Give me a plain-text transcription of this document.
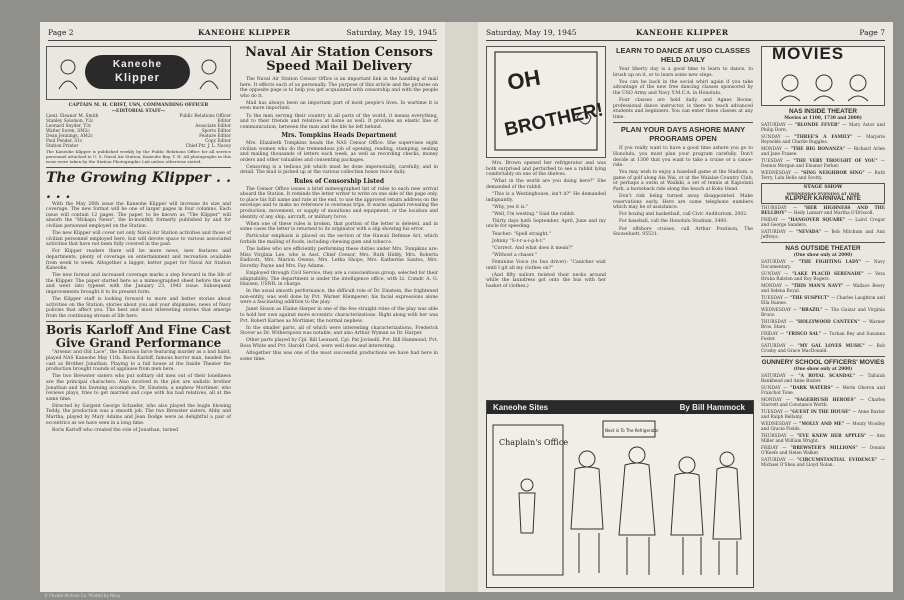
Page 2	KANEOHE KLIPPER	Saturday, May 19, 1945
Kaneohe
Klipper
CAPTAIN M. H. CRIST, USN, COMMANDING OFFICER
—EDITORIAL STAFF—
Lieut. Eleanor M. Smith	Public Relations Officer
Stanley Solomon, Y2c	Editor
Leonard Snyder, Y3c	Associate Editor
Walter Soren, SM2c	Sports Editor
Dean Jennings, AM2c	Feature Editor
Paul Pender, S1c	Copy Editor
Station Printer	Chief Ptr. J. L. Nacey
The Kaneohe Klipper is published weekly by the Public Relations Office for all service personnel attached to U. S. Naval Air Station, Kaneohe Bay, T. H. All photographs in this issue were taken by the Station Photographic Lab unless otherwise stated.
The Growing Klipper . . . . .

With the May 26th issue the Kaneohe Klipper will increase its size and coverage. The new format will be one of larger pages in four columns. Each issue will contain 12 pages. The paper, to be known as "The Klipper" will absorb the "Mokapu News", the bi-monthly formerly published by and for civilian personnel employed on the Station.

The new Klipper will cover not only Naval Air Station activities and those of civilian personnel employed here, but will devote space to various associated activities that have not been fully covered in the past.

For Klipper readers there will be more news, new features and departments, plenty of coverage on entertainment and recreation available from week to week. Altogether a bigger, better paper for Naval Air Station Kaneohe.

The new format and increased coverage marks a step forward in the life of the Klipper. The paper started here as a mimeographed sheet before the war and went into typeset with the January 23, 1943 issue. Subsequent improvements brought it to its present form.

The Klipper staff is looking forward to more and better stories about activities on the Station; stories about you and your shipmates, news of Navy policies that affect you. The best and most interesting stories that emerge from the continuing stream of life here.

Boris Karloff And Fine Cast Give Grand Performance

"Arsenic and Old Lace", the hilarious farce featuring murder as a bad habit, played NAS Kaneohe May 11th. Boris Karloff, famous horror man, headed the cast as Brother Jonathan. Playing to a full house at the Inside Theater the production brought rounds of applause from men here.

The two Brewster sisters who put solitary old men out of their loneliness are the principal characters. Also involved in the plot are sadistic brother Jonathan and his fawning accomplice, Dr. Einstein; a nephew Mortimer, who reviews plays, tries to get married and cope with his bad relatives, all at the same time.

Directed by Sargent George Schaefer, who also played the bugle blowing Teddy, the production was a smooth job. The two Brewster sisters, Abby and Martha, played by Mary Adams and Jean Dodge were as delightful a pair of eccentrics as we have seen in a long time.

Boris Karloff who created the role of Jonathan, turned

Naval Air Station Censors Speed Mail Delivery

The Naval Air Station Censor Office is an important link in the handling of mail here. It effects each of us personally. The purpose of this article and the pictures on the opposite page is to help you get acquainted with censorship and with the people who do it.

Mail has always been an important part of most people's lives. In wartime it is even more important.

To the men serving their country in all parts of the world, it means everything, and to their friends and relatives at home as well. It provides an elastic line of communication, between the man and the life he left behind.

Mrs. Tompkins Heads Department

Mrs. Elizabeth Tompkins heads the NAS Censor Office. She supervises eight civilian women who do the tremendous job of opening, reading, stamping, sealing and mailing thousands of letters each week, as well as recording checks, money orders and other valuables and consenting packages.

Censoring is a tedious job which must be done impersonally, carefully, and in detail. The mail is picked up at the various collection boxes twice daily.

Rules of Censorship Listed

The Censor Office issues a brief mimeographed list of rules to each new arrival aboard the Station. It reminds the letter writer to write on one side of the page only, to place his full name and rate at the end, to use the approved return address on the envelope and to make no reference to overseas trips. It warns against revealing the production, movement, or supply of munitions and equipment, or the location and identity of any ship, aircraft, or military force.

When one of these rules is broken, that portion of the letter is deleted, and in some cases the letter is returned to its originator with a slip showing his error.

Particular emphasis is placed on the section of the Hawaii Defense Act, which forbids the mailing of foods, including chewing gum and tobacco.

The ladies who are efficiently performing these duties under Mrs. Tompkins are: Miss Virginia Lee, who is Asst. Chief Censor, Mrs. Ruth Hiddy, Mrs. Roberta Endicott, Mrs. Marion Owens, Mrs. Letha Shope, Mrs. Katherine Santos, Mrs. Dorothy Payne and Mrs. Fay Adams.

Employed through Civil Service, they are a conscientious group, selected for their adaptability. The department is under the intelligence office, with Lt. Comdr. A. G. Hansen, USNR, in charge.

In the usual smooth performance, the difficult role of Dr. Einstein, the frightened non-entity, was well done by Pvt. Warner Klemperer; his facial expressions alone were a fascinating addition to the play.

Janet Sisson as Elaine Harper in one of the few straight roles of the play was able to hold her own against more eccentric characterizations. Right along with her was Pvt. Robert Karnes as Mortimer, the normal nephew.

In the smaller parts, all of which were interesting characterizations, Frederick Stover as Dr. Witherspoon was notable, and also Arthur Wyman as Dr. Harper.

Other parts played by Cpl. Bill Leonard, Cpl. Pat Jovinelli, Pvt. Bill Hammond, Pvt. Ross White and Pvt. Harold Carol, were well done and interesting.

Altogether this was one of the most successful productions we have had here in some time.

Saturday, May 19, 1945	KANEOHE KLIPPER	Page 7
OH
BROTHER!

Mrs. Brown opened her refrigerator and was both surprised and perturbed to see a rabbit lying comfortably on one of the shelves.

"What in the world are you doing here?" She demanded of the rabbit.

"This is a Westinghouse, isn't it?" He demanded indignantly.

"Why, yes it is."

"Well, I'm westing." Said the rabbit.

Thirty days hath September, April, June and my uncle for speeding.

Teacher: "Spell straight."

Johnny "S-t-r-a-i-g-h-t."

"Correct. And what does it mean?"

"Without a chaser."

Feminine Voice (to bus driver): "Canicher wait until I git all my clothes on?"

(And fifty sailors twisted their necks around while the laundress got onto the bus with her basket of clothes.)

LEARN TO DANCE AT USO CLASSES HELD DAILY

Your liberty day is a good time to learn to dance, to brush up on it, or to learn some new steps.

You can be back in the social whirl again if you take advantage of the new free dancing classes sponsored by the USO Army and Navy Y.M.C.A. in Honolulu.

Four classes are held daily, and Agnes Boone, professional dance instructor, is there to teach advanced students and beginners. You can enter these classes at any time.

PLAN YOUR DAYS ASHORE MANY PROGRAMS OPEN

If you really want to have a good time ashore you go to Honolulu, you must plan your program carefully. Don't decide at 1300 that you want to take a cruise or a canoe-ride.

You may wish to enjoy a baseball game at the Stadium, a game of golf along Ala Wai, or at the Waialae Country Club, or perhaps a swim at Waikiki, a set of tennis at Kapiolani Park, a horseback ride along the beach at Koko Head.

Don't risk being turned away disappointed. Make reservations early. Here are some telephone numbers which may be of assistance.

For boxing and basketball, call Civic Auditorium, 2002.

For baseball, call the Honolulu Stadium, 3400.

For offshore cruises, call Arthur Powlison, The Snoweluett, 95531.

Kaneohe Sites	By Bill Hammock
Chaplain's Office
Next in To The Refrigerator
MOVIES
NAS INSIDE THEATER
Movies at 1100, 1730 and 2000)
SATURDAY — "BLONDE FEVER" — Mary Astor and Philip Dorn.
SUNDAY — "THREE'S A FAMILY" — Marjorie Reynolds and Charlie Ruggles.
MONDAY — "THE BIG BONANZA" — Richard Arlen and Jane Frazee.
TUESDAY — "THE VERY THOUGHT OF YOU" — Dennis Morgan and Eleanor Parker.
WEDNESDAY — "SING NEIGHBOR SING" — Ruth Terry, Lulu Belle and Scotty.
STAGE SHOW
WEDNESDAY EVENING AT 1830
KLIPPER KARNIVAL NITE
THURSDAY — "HER HIGHNESS AND THE BELLBOY" — Hedy Lamarr and Martha O'Driscoll.
FRIDAY — "HANGOVER SQUARE" — Laird Cregar and George Sanders.
SATURDAY — "NEVADA" — Bob Mitchum and Ann Jeffreys.
NAS OUTSIDE THEATER
(One show only at 2000)
SATURDAY — "THE FIGHTING LADY" — Navy Documentary.
SUNDAY — "LAKE PLACID SERENADE" — Vera Hruba Ralston and Roy Rogers.
MONDAY — "THIS MAN'S NAVY" — Wallace Beery and Selena Royal.
TUESDAY — "THE SUSPECT" — Charles Laughton and Ella Raines.
WEDNESDAY — "BRAZIL" — Tito Guizar and Virginia Bruce.
THURSDAY — "HOLLYWOOD CANTEEN" — Warner Bros. Stars.
FRIDAY — "FRISCO SAL" — Turhan Bey and Susanna Foster.
SATURDAY — "MY GAL LOVES MUSIC" — Bob Crosby and Grace MacDonald.
GUNNERY SCHOOL OFFICERS' MOVIES
(One show only at 2000)
SATURDAY — "A ROYAL SCANDAL" — Tallulah Bankhead and Anne Baxter.
SUNDAY — "DARK WATERS" — Merle Oberon and Franchot Tone.
MONDAY — "SAGEBRUSH HEROES" — Charles Starrett and Constance Worth.
TUESDAY — "GUEST IN THE HOUSE" — Anne Baxter and Ralph Bellamy.
WEDNESDAY — "MOLLY AND ME" — Monty Woolley and Gracie Fields.
THURSDAY — "EVE KNEW HER APPLES" — Ann Miller and William Wright.
FRIDAY — "BREWSTER'S MILLIONS" — Dennis O'Keefe and Helen Walker.
SATURDAY — "CIRCUMSTANTIAL EVIDENCE" — Michael O'Shea and Lloyd Nolan.
© Private Archive Co. Printed by Navy
